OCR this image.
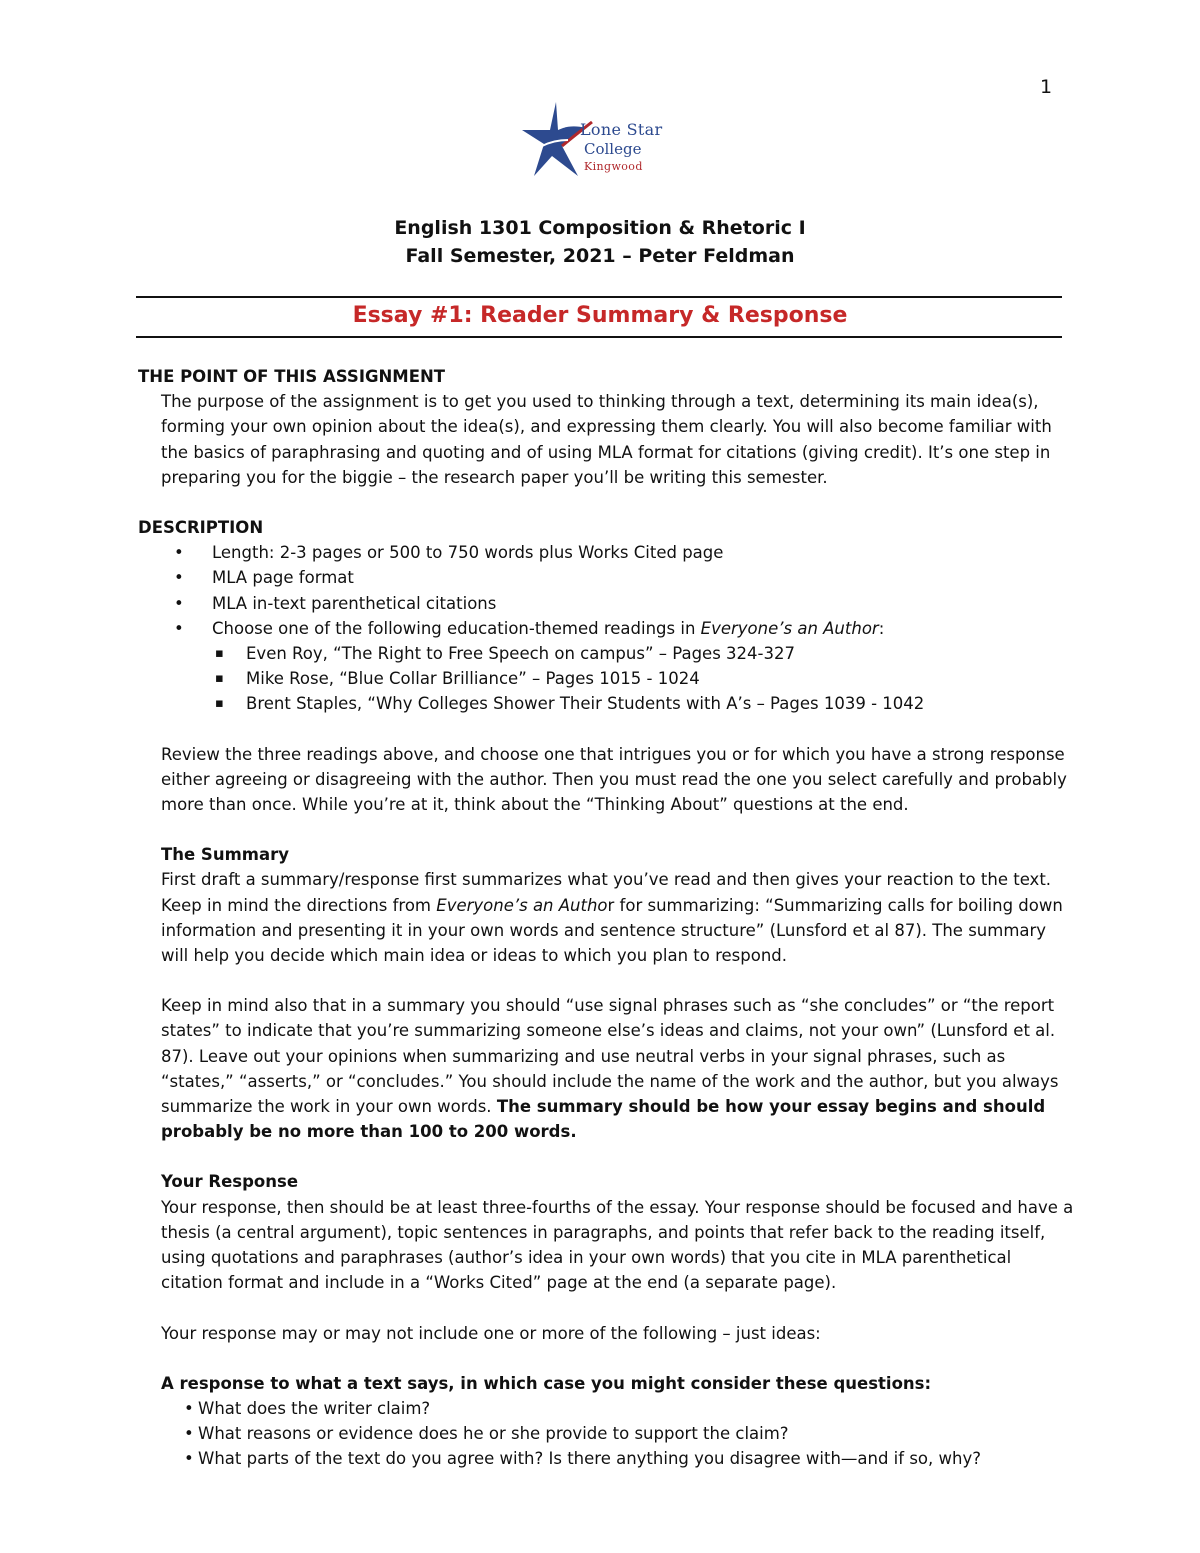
1
Lone Star
College
Kingwood
English 1301 Composition & Rhetoric I
Fall Semester, 2021 – Peter Feldman
Essay #1: Reader Summary & Response

THE POINT OF THIS ASSIGNMENT

The purpose of the assignment is to get you used to thinking through a text, determining its main idea(s), forming your own opinion about the idea(s), and expressing them clearly. You will also become familiar with the basics of paraphrasing and quoting and of using MLA format for citations (giving credit). It’s one step in preparing you for the biggie – the research paper you’ll be writing this semester.

DESCRIPTION

• Length: 2-3 pages or 500 to 750 words plus Works Cited page
• MLA page format
• MLA in-text parenthetical citations
• Choose one of the following education-themed readings in Everyone’s an Author:
▪ Even Roy, “The Right to Free Speech on campus” – Pages 324-327
▪ Mike Rose, “Blue Collar Brilliance” – Pages 1015 - 1024
▪ Brent Staples, “Why Colleges Shower Their Students with A’s – Pages 1039 - 1042

Review the three readings above, and choose one that intrigues you or for which you have a strong response either agreeing or disagreeing with the author. Then you must read the one you select carefully and probably more than once. While you’re at it, think about the “Thinking About” questions at the end.

The Summary

First draft a summary/response first summarizes what you’ve read and then gives your reaction to the text. Keep in mind the directions from Everyone’s an Author for summarizing: “Summarizing calls for boiling down information and presenting it in your own words and sentence structure” (Lunsford et al 87). The summary will help you decide which main idea or ideas to which you plan to respond.

Keep in mind also that in a summary you should “use signal phrases such as “she concludes” or “the report states” to indicate that you’re summarizing someone else’s ideas and claims, not your own” (Lunsford et al. 87). Leave out your opinions when summarizing and use neutral verbs in your signal phrases, such as “states,” “asserts,” or “concludes.” You should include the name of the work and the author, but you always summarize the work in your own words. The summary should be how your essay begins and should probably be no more than 100 to 200 words.

Your Response

Your response, then should be at least three-fourths of the essay. Your response should be focused and have a thesis (a central argument), topic sentences in paragraphs, and points that refer back to the reading itself, using quotations and paraphrases (author’s idea in your own words) that you cite in MLA parenthetical citation format and include in a “Works Cited” page at the end (a separate page).

Your response may or may not include one or more of the following – just ideas:

A response to what a text says, in which case you might consider these questions:

• What does the writer claim?
• What reasons or evidence does he or she provide to support the claim?
• What parts of the text do you agree with? Is there anything you disagree with—and if so, why?
